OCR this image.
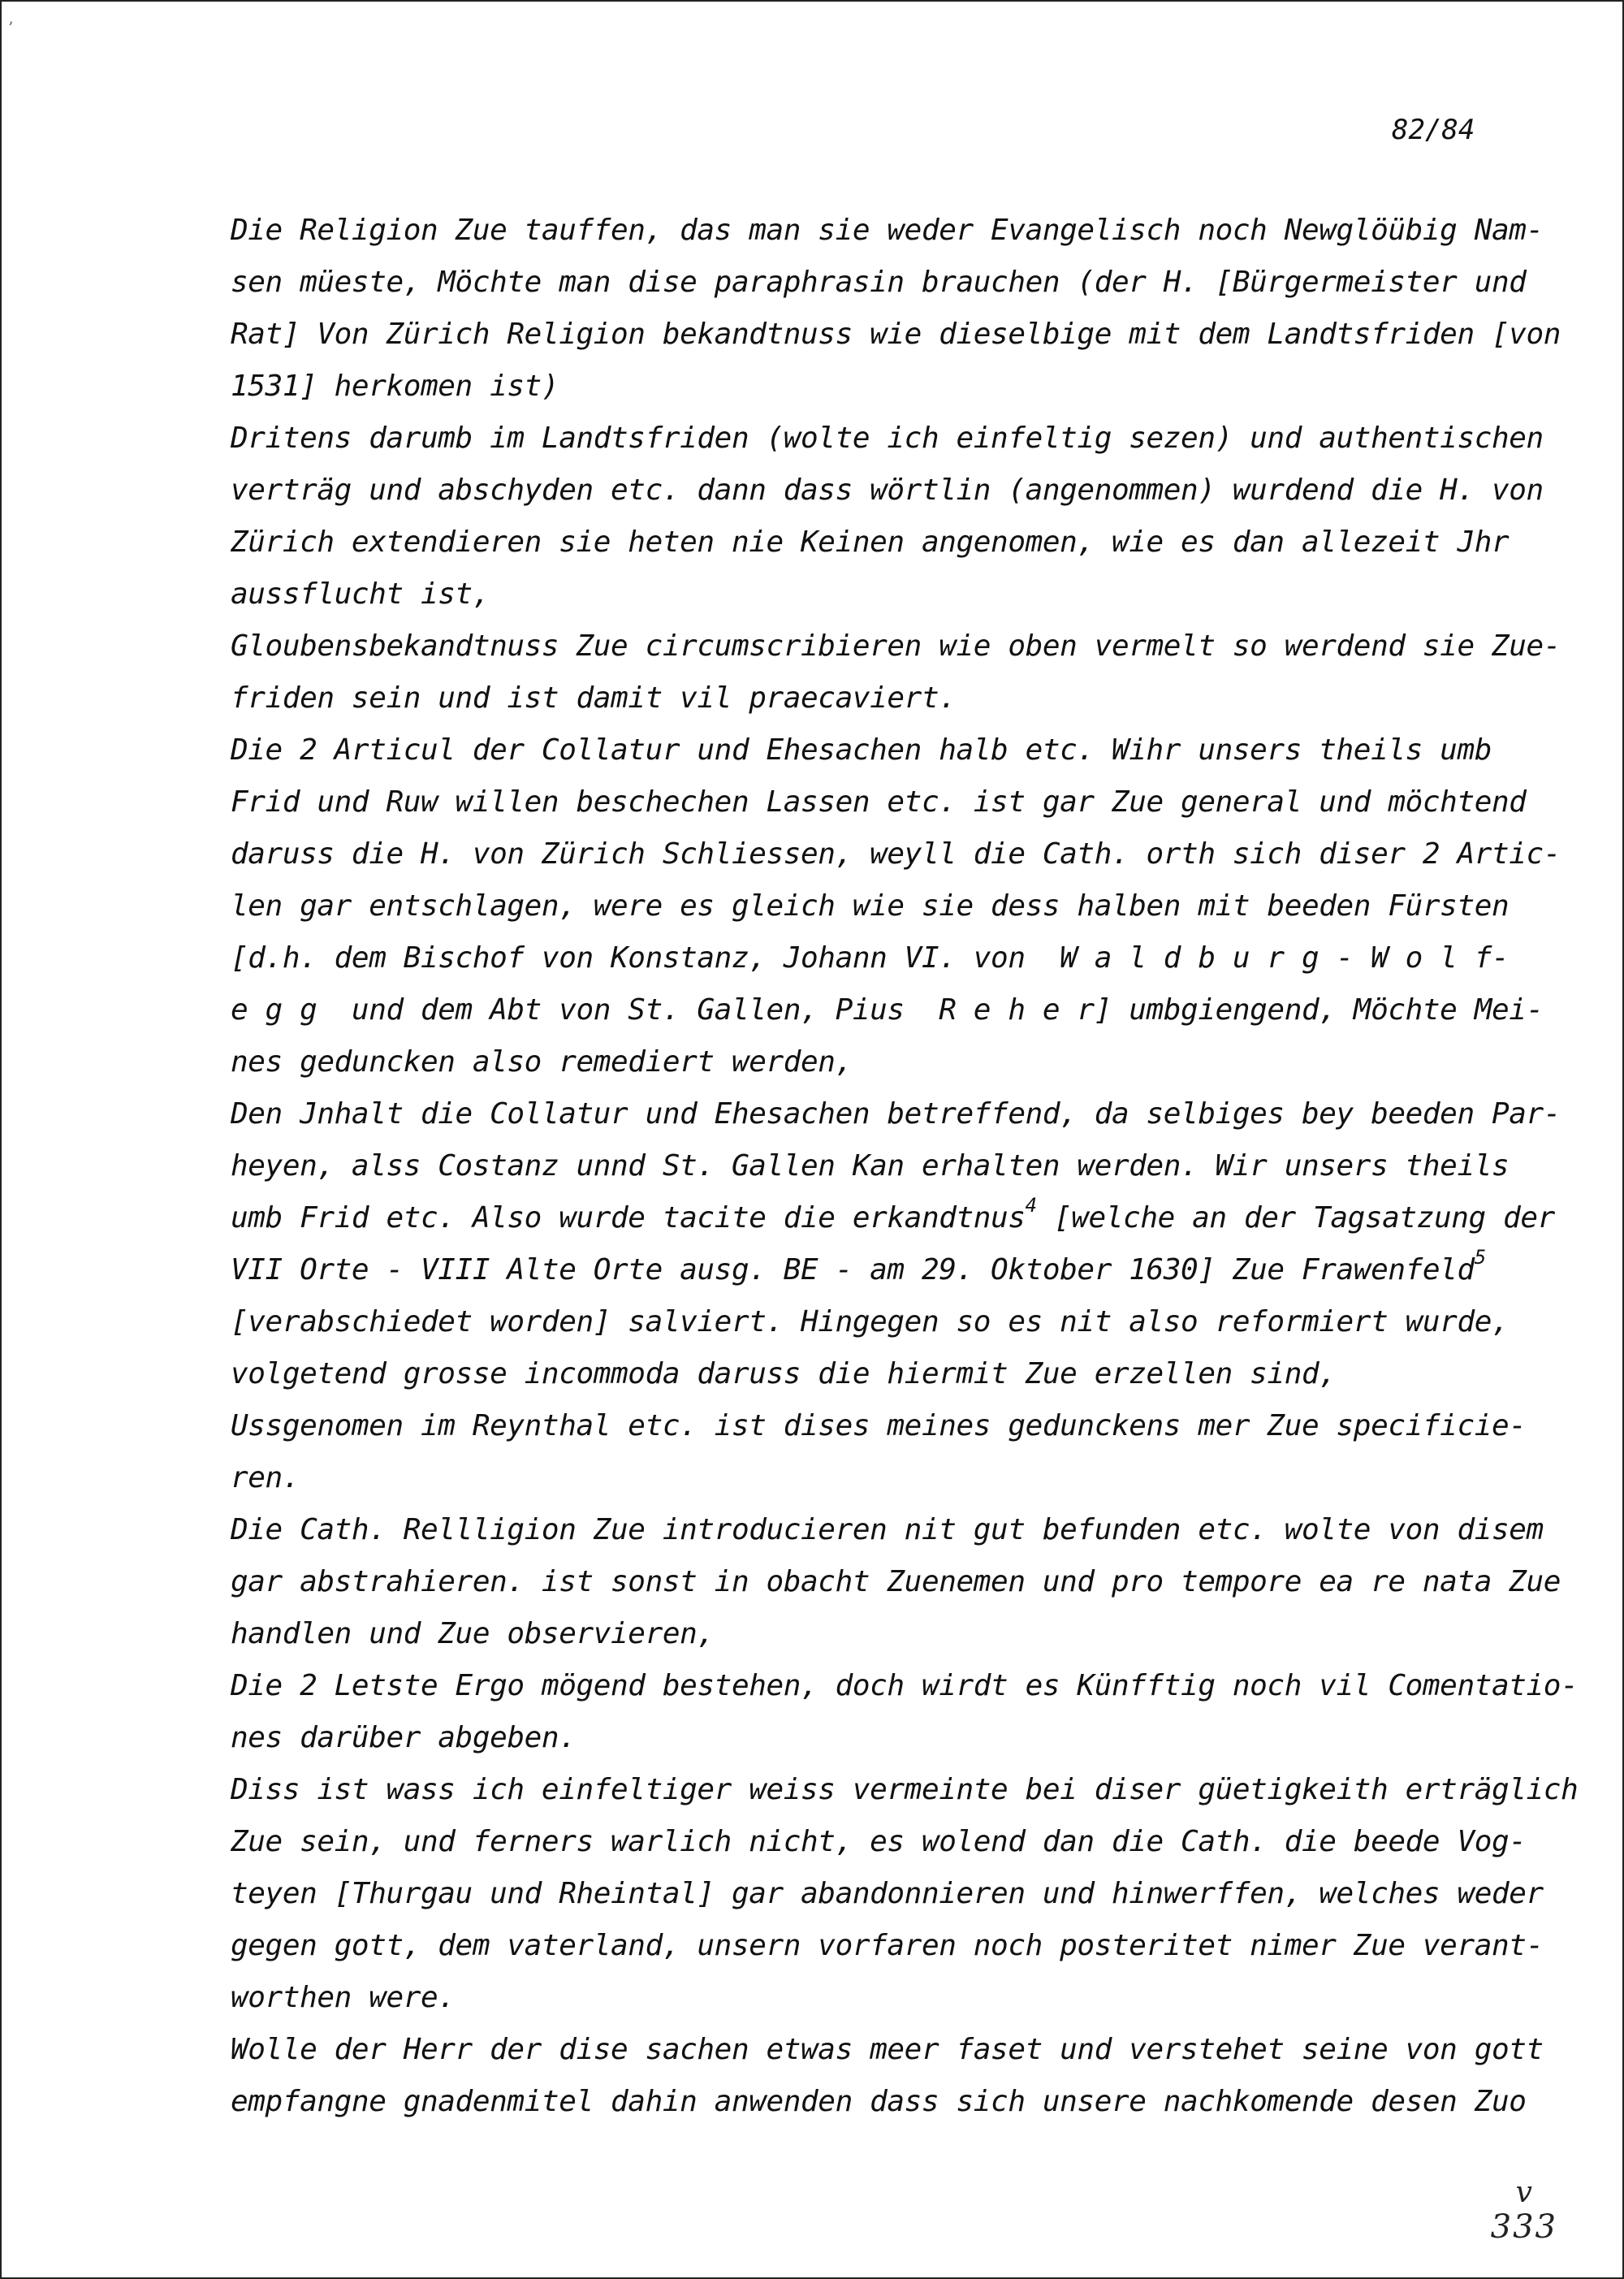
’
82/84
Die Religion Zue tauffen, das man sie weder Evangelisch noch Newglöübig Nam-
sen müeste, Möchte man dise paraphrasin brauchen (der H. [Bürgermeister und
Rat] Von Zürich Religion bekandtnuss wie dieselbige mit dem Landtsfriden [von
1531] herkomen ist)
Dritens darumb im Landtsfriden (wolte ich einfeltig sezen) und authentischen
verträg und abschyden etc. dann dass wörtlin (angenommen) wurdend die H. von
Zürich extendieren sie heten nie Keinen angenomen, wie es dan allezeit Jhr
aussflucht ist,
Gloubensbekandtnuss Zue circumscribieren wie oben vermelt so werdend sie Zue-
friden sein und ist damit vil praecaviert.
Die 2 Articul der Collatur und Ehesachen halb etc. Wihr unsers theils umb
Frid und Ruw willen beschechen Lassen etc. ist gar Zue general und möchtend
daruss die H. von Zürich Schliessen, weyll die Cath. orth sich diser 2 Artic-
len gar entschlagen, were es gleich wie sie dess halben mit beeden Fürsten
[d.h. dem Bischof von Konstanz, Johann VI. von  W a l d b u r g - W o l f-
e g g  und dem Abt von St. Gallen, Pius  R e h e r] umbgiengend, Möchte Mei-
nes geduncken also remediert werden,
Den Jnhalt die Collatur und Ehesachen betreffend, da selbiges bey beeden Par-
heyen, alss Costanz unnd St. Gallen Kan erhalten werden. Wir unsers theils
umb Frid etc. Also wurde tacite die erkandtnus$^4$ [welche an der Tagsatzung der
VII Orte - VIII Alte Orte ausg. BE - am 29. Oktober 1630] Zue Frawenfeld$^5$
[verabschiedet worden] salviert. Hingegen so es nit also reformiert wurde,
volgetend grosse incommoda daruss die hiermit Zue erzellen sind,
Ussgenomen im Reynthal etc. ist dises meines gedunckens mer Zue specificie-
ren.
Die Cath. Rellligion Zue introducieren nit gut befunden etc. wolte von disem
gar abstrahieren. ist sonst in obacht Zuenemen und pro tempore ea re nata Zue
handlen und Zue observieren,
Die 2 Letste Ergo mögend bestehen, doch wirdt es Künfftig noch vil Comentatio-
nes darüber abgeben.
Diss ist wass ich einfeltiger weiss vermeinte bei diser güetigkeith erträglich
Zue sein, und ferners warlich nicht, es wolend dan die Cath. die beede Vog-
teyen [Thurgau und Rheintal] gar abandonnieren und hinwerffen, welches weder
gegen gott, dem vaterland, unsern vorfaren noch posteritet nimer Zue verant-
worthen were.
Wolle der Herr der dise sachen etwas meer faset und verstehet seine von gott
empfangne gnadenmitel dahin anwenden dass sich unsere nachkomende desen Zuo
v
333
